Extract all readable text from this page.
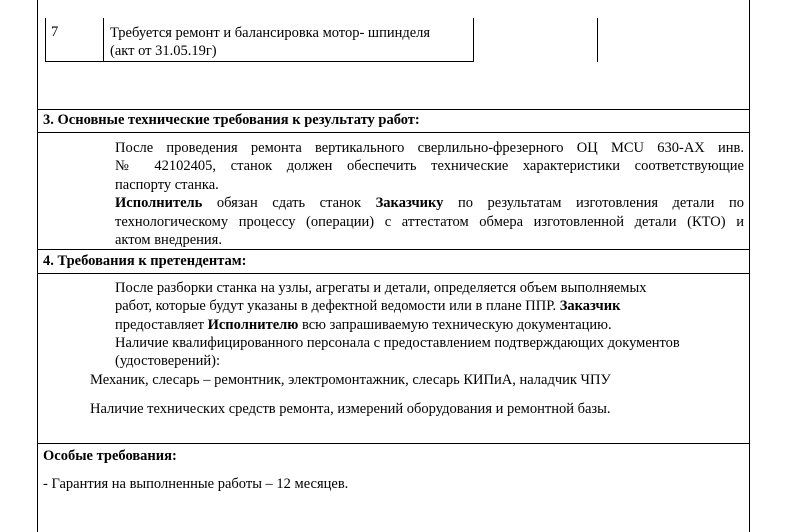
7	Требуется ремонт и балансировка мотор- шпинделя
(акт от 31.05.19г)
3. Основные технические требования к результату работ:
После проведения ремонта вертикального сверлильно-фрезерного ОЦ MCU 630-AX инв.
№ 42102405, станок должен обеспечить технические характеристики соответствующие
паспорту станка.
Исполнитель обязан сдать станок Заказчику по результатам изготовления детали по
технологическому процессу (операции) с аттестатом обмера изготовленной детали (КТО) и
актом внедрения.
4. Требования к претендентам:
После разборки станка на узлы, агрегаты и детали, определяется объем выполняемых
работ, которые будут указаны в дефектной ведомости или в плане ППР. Заказчик
предоставляет Исполнителю всю запрашиваемую техническую документацию.
Наличие квалифицированного персонала с предоставлением подтверждающих документов
(удостоверений):
Механик, слесарь – ремонтник, электромонтажник, слесарь КИПиА, наладчик ЧПУ
Наличие технических средств ремонта, измерений оборудования и ремонтной базы.
Особые требования:
- Гарантия на выполненные работы – 12 месяцев.
